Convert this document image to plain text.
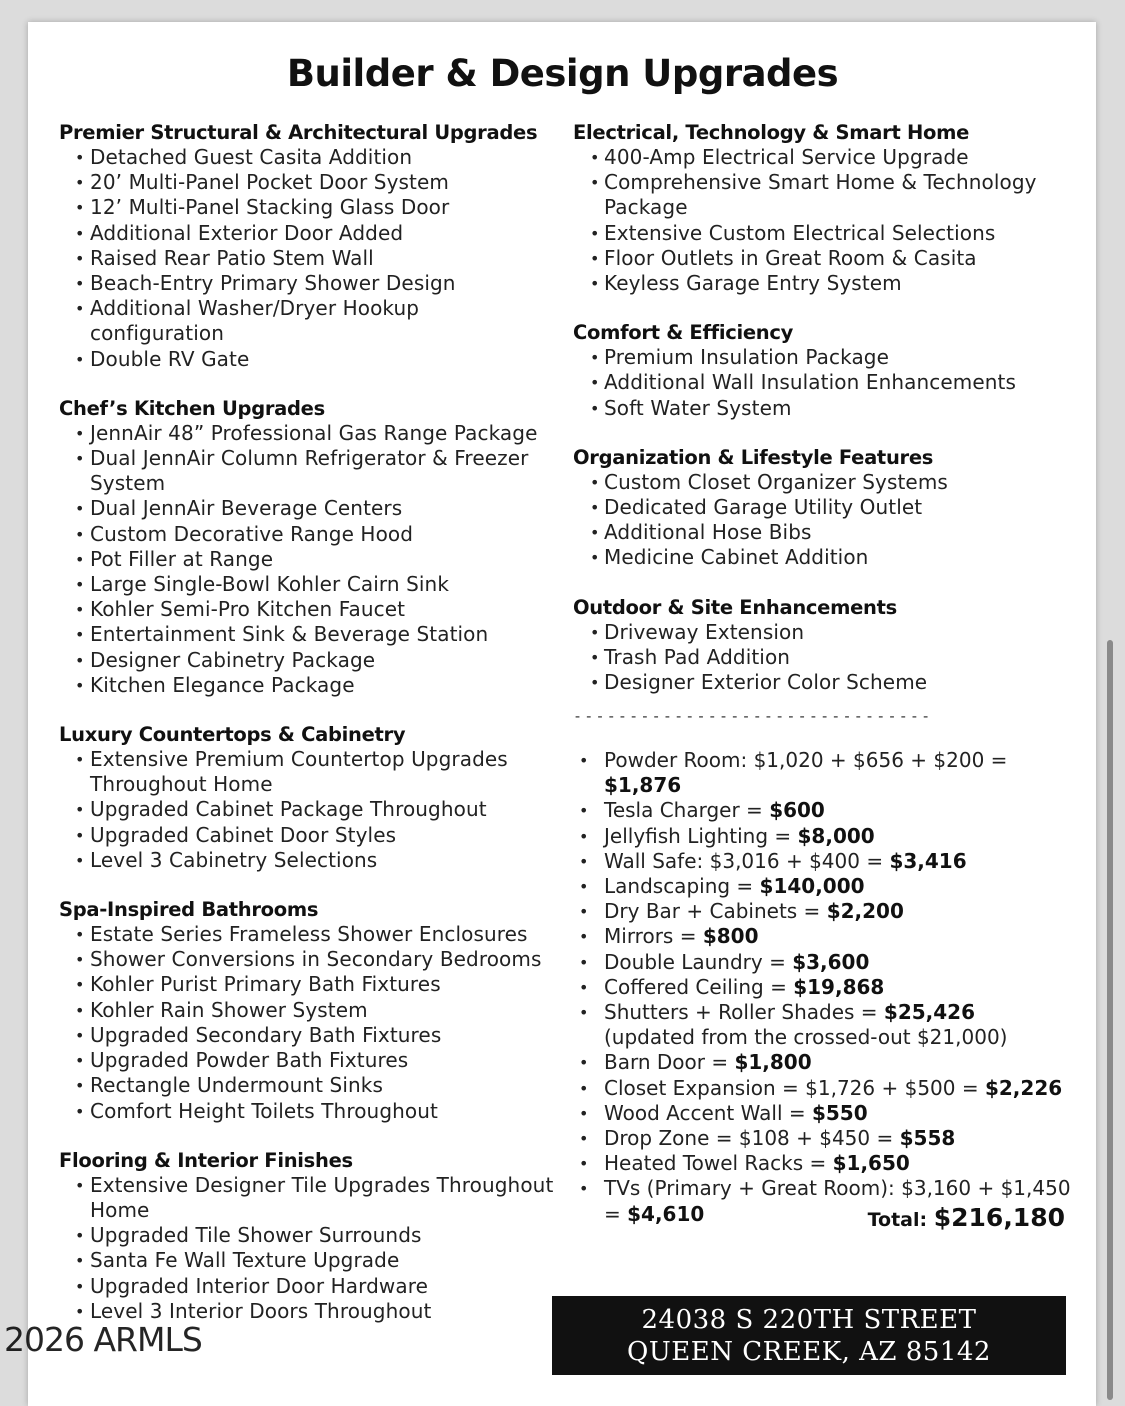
Builder & Design Upgrades
Premier Structural & Architectural Upgrades
• Detached Guest Casita Addition
• 20’ Multi-Panel Pocket Door System
• 12’ Multi-Panel Stacking Glass Door
• Additional Exterior Door Added
• Raised Rear Patio Stem Wall
• Beach-Entry Primary Shower Design
• Additional Washer/Dryer Hookup configuration
• Double RV Gate
Chef’s Kitchen Upgrades
• JennAir 48” Professional Gas Range Package
• Dual JennAir Column Refrigerator & Freezer System
• Dual JennAir Beverage Centers
• Custom Decorative Range Hood
• Pot Filler at Range
• Large Single-Bowl Kohler Cairn Sink
• Kohler Semi-Pro Kitchen Faucet
• Entertainment Sink & Beverage Station
• Designer Cabinetry Package
• Kitchen Elegance Package
Luxury Countertops & Cabinetry
• Extensive Premium Countertop Upgrades Throughout Home
• Upgraded Cabinet Package Throughout
• Upgraded Cabinet Door Styles
• Level 3 Cabinetry Selections
Spa-Inspired Bathrooms
• Estate Series Frameless Shower Enclosures
• Shower Conversions in Secondary Bedrooms
• Kohler Purist Primary Bath Fixtures
• Kohler Rain Shower System
• Upgraded Secondary Bath Fixtures
• Upgraded Powder Bath Fixtures
• Rectangle Undermount Sinks
• Comfort Height Toilets Throughout
Flooring & Interior Finishes
• Extensive Designer Tile Upgrades Throughout Home
• Upgraded Tile Shower Surrounds
• Santa Fe Wall Texture Upgrade
• Upgraded Interior Door Hardware
• Level 3 Interior Doors Throughout
Electrical, Technology & Smart Home
• 400-Amp Electrical Service Upgrade
• Comprehensive Smart Home & Technology Package
• Extensive Custom Electrical Selections
• Floor Outlets in Great Room & Casita
• Keyless Garage Entry System
Comfort & Efficiency
• Premium Insulation Package
• Additional Wall Insulation Enhancements
• Soft Water System
Organization & Lifestyle Features
• Custom Closet Organizer Systems
• Dedicated Garage Utility Outlet
• Additional Hose Bibs
• Medicine Cabinet Addition
Outdoor & Site Enhancements
• Driveway Extension
• Trash Pad Addition
• Designer Exterior Color Scheme
--------------------------------
• Powder Room: $1,020 + $656 + $200 = $1,876
• Tesla Charger = $600
• Jellyfish Lighting = $8,000
• Wall Safe: $3,016 + $400 = $3,416
• Landscaping = $140,000
• Dry Bar + Cabinets = $2,200
• Mirrors = $800
• Double Laundry = $3,600
• Coffered Ceiling = $19,868
• Shutters + Roller Shades = $25,426
(updated from the crossed-out $21,000)
• Barn Door = $1,800
• Closet Expansion = $1,726 + $500 = $2,226
• Wood Accent Wall = $550
• Drop Zone = $108 + $450 = $558
• Heated Towel Racks = $1,650
• TVs (Primary + Great Room): $3,160 + $1,450 = $4,610	Total: $216,180
24038 S 220TH STREET
QUEEN CREEK, AZ 85142
2026 ARMLS
